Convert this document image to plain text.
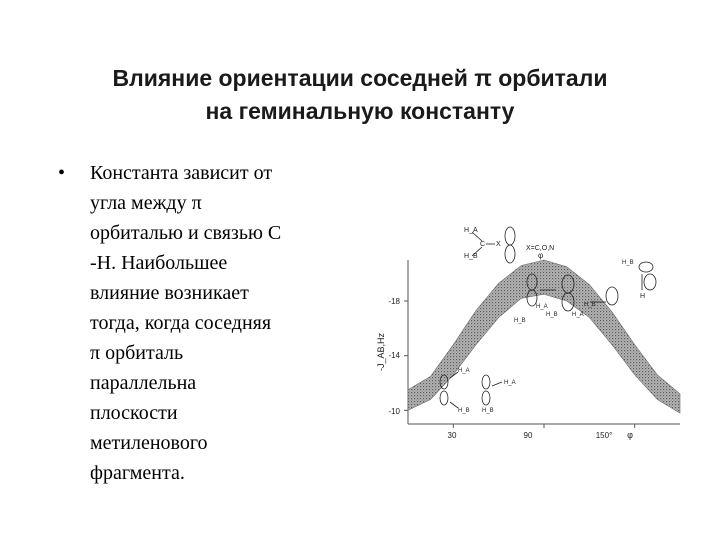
Влияние ориентации соседней π орбитали
на геминальную константу
• Константа зависит от
угла между π
орбиталью и связью С
-Н. Наибольшее
влияние возникает
тогда, когда соседняя
π орбиталь
параллельна
плоскости
метиленового
фрагмента.
-18
-14
-10
30	90	150° φ
-J_AB,Hz
H_A
H_B
C X
X=C,O,N
H_B
H
φ
H_A
H_B
H_B
H_B
H_A
H_A
H_B
H_A
H_B
